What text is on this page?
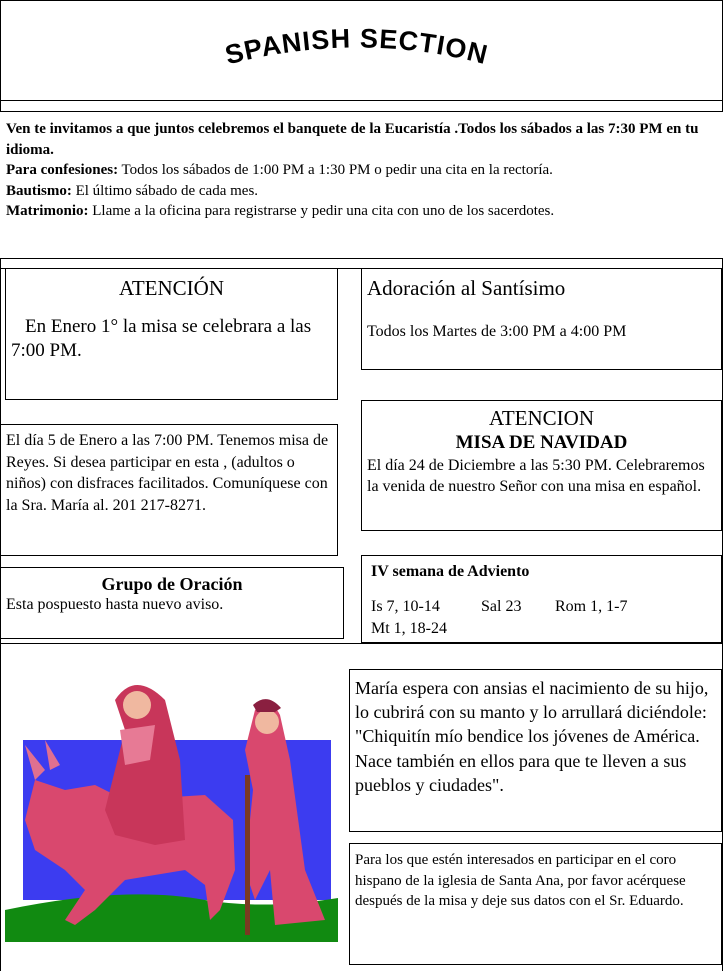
SPANISH SECTION

Ven te invitamos a que juntos celebremos el banquete de la Eucaristía .Todos los sábados a las 7:30 PM en tu idioma.

Para confesiones: Todos los sábados de 1:00 PM a 1:30 PM o pedir una cita en la rectoría.

Bautismo: El último sábado de cada mes.

Matrimonio: Llame a la oficina para registrarse y pedir una cita con uno de los sacerdotes.

ATENCIÓN

En Enero 1° la misa se celebrara a las 7:00 PM.

Adoración al Santísimo

Todos los Martes de 3:00 PM a 4:00 PM

El día 5 de Enero a las 7:00 PM. Tenemos misa de Reyes. Si desea participar en esta , (adultos o niños) con disfraces facilitados. Comuníquese con la Sra. María al. 201 217-8271.

ATENCION

MISA DE NAVIDAD

El día 24 de Diciembre a las 5:30 PM. Celebraremos la venida de nuestro Señor con una misa en español.

Grupo de Oración

Esta pospuesto hasta nuevo aviso.

IV semana de Adviento

Is 7, 10-14	Sal 23 Rom 1, 1-7
Mt 1, 18-24

María espera con ansias el nacimiento de su hijo, lo cubrirá con su manto y lo arrullará diciéndole: "Chiquitín mío bendice los jóvenes de América. Nace también en ellos para que te lleven a sus pueblos y ciudades".

Para los que estén interesados en participar en el coro hispano de la iglesia de Santa Ana, por favor acérquese después de la misa y deje sus datos con el Sr. Eduardo.
